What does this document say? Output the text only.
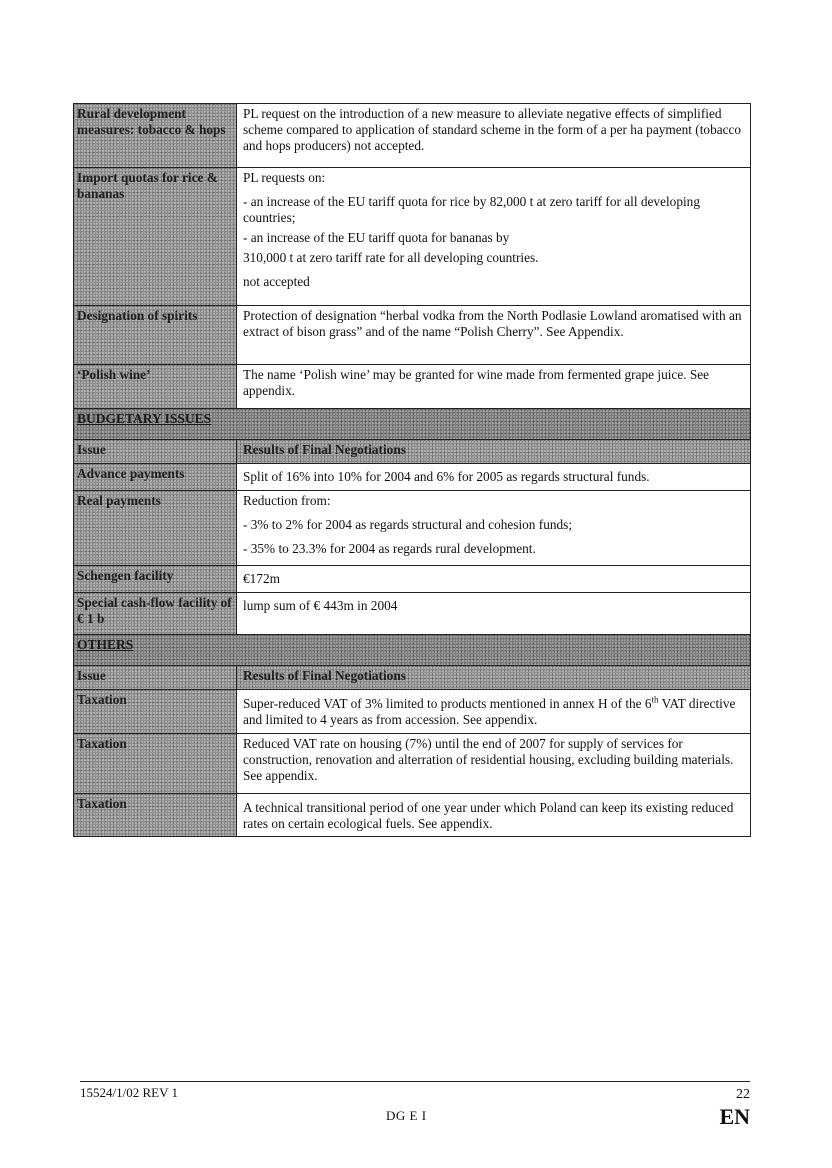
Rural development measures: tobacco & hops	PL request on the introduction of a new measure to alleviate negative effects of simplified scheme compared to application of standard scheme in the form of a per ha payment (tobacco and hops producers) not accepted.

Import quotas for rice & bananas	PL requests on:

- an increase of the EU tariff quota for rice by 82,000 t at zero tariff for all developing countries;

- an increase of the EU tariff quota for bananas by

310,000 t at zero tariff rate for all developing countries.

not accepted

Designation of spirits	Protection of designation “herbal vodka from the North Podlasie Lowland aromatised with an extract of bison grass” and of the name “Polish Cherry”. See Appendix.

‘Polish wine’	The name ‘Polish wine’ may be granted for wine made from fermented grape juice. See appendix.

BUDGETARY ISSUES	
Issue	Results of Final Negotiations
Advance payments	Split of 16% into 10% for 2004 and 6% for 2005 as regards structural funds.

Real payments	Reduction from:

- 3% to 2% for 2004 as regards structural and cohesion funds;

- 35% to 23.3% for 2004 as regards rural development.

Schengen facility	€172m

Special cash-flow facility of € 1 b	lump sum of € 443m in 2004

OTHERS	
Issue	Results of Final Negotiations
Taxation	Super-reduced VAT of 3% limited to products mentioned in annex H of the 6th VAT directive and limited to 4 years as from accession. See appendix.

Taxation	Reduced VAT rate on housing (7%) until the end of 2007 for supply of services for construction, renovation and alterration of residential housing, excluding building materials. See appendix.

Taxation	A technical transitional period of one year under which Poland can keep its existing reduced rates on certain ecological fuels. See appendix.

15524/1/02 REV 1	22
DG E I	EN
